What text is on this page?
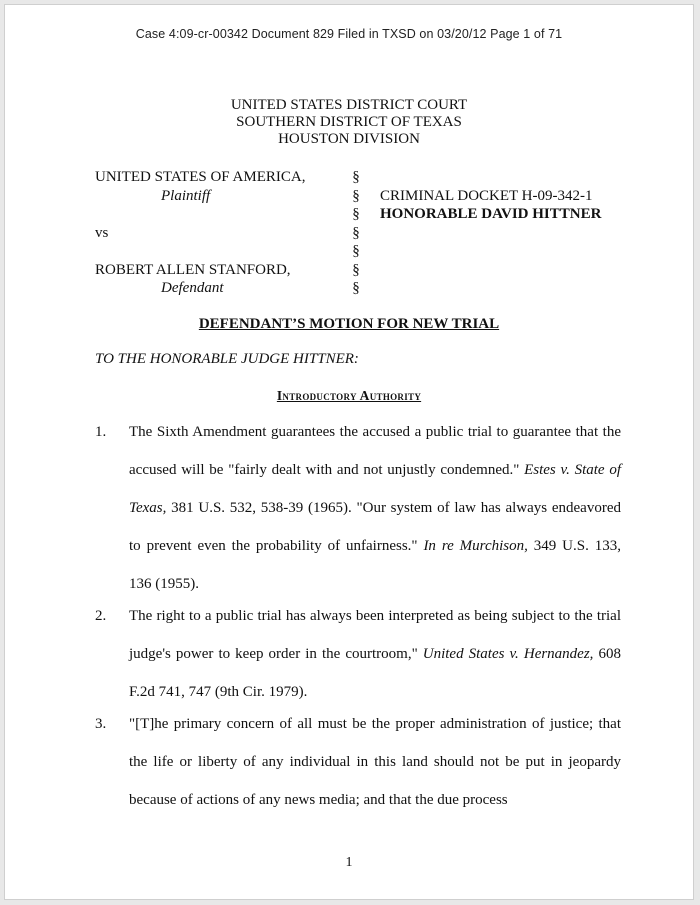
Case 4:09-cr-00342 Document 829 Filed in TXSD on 03/20/12 Page 1 of 71
UNITED STATES DISTRICT COURT
SOUTHERN DISTRICT OF TEXAS
HOUSTON DIVISION
UNITED STATES OF AMERICA,
Plaintiff

vs

ROBERT ALLEN STANFORD,
Defendant
§
§
§
§
§
§
§
CRIMINAL DOCKET H-09-342-1
HONORABLE DAVID HITTNER
DEFENDANT’S MOTION FOR NEW TRIAL
TO THE HONORABLE JUDGE HITTNER:
Introductory Authority
1. The Sixth Amendment guarantees the accused a public trial to guarantee that the accused will be "fairly dealt with and not unjustly condemned." Estes v. State of Texas, 381 U.S. 532, 538-39 (1965). "Our system of law has always endeavored to prevent even the probability of unfairness." In re Murchison, 349 U.S. 133, 136 (1955).
2. The right to a public trial has always been interpreted as being subject to the trial judge's power to keep order in the courtroom," United States v. Hernandez, 608 F.2d 741, 747 (9th Cir. 1979).
3. "[T]he primary concern of all must be the proper administration of justice; that the life or liberty of any individual in this land should not be put in jeopardy because of actions of any news media; and that the due process
1
